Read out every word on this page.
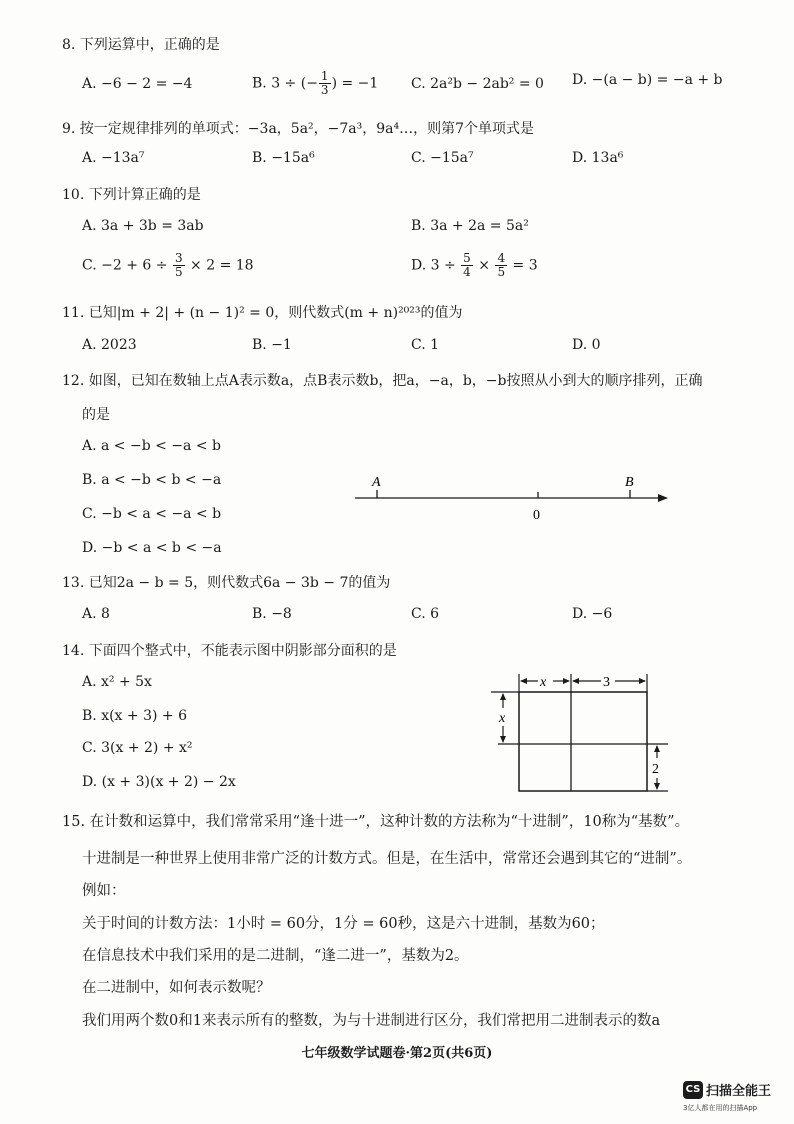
8. 下列运算中，正确的是
A. −6 − 2 = −4	B. 3 ÷ (− $\frac{1}{3}$ ) = −1 C. 2a²b − 2ab² = 0 D. −(a − b) = −a + b
9. 按一定规律排列的单项式：−3a，5a²，−7a³，9a⁴…，则第7个单项式是
A. −13a⁷	B. −15a⁶	C. −15a⁷	D. 13a⁶
10. 下列计算正确的是
A. 3a + 3b = 3ab	B. 3a + 2a = 5a²
C. $-2 + 6 \div \frac{3}{5} \times 2 = 18$	D. $3 \div \frac{5}{4} \times \frac{4}{5} = 3$
11. 已知|m + 2| + (n − 1)² = 0，则代数式(m + n)²⁰²³的值为
A. 2023	B. −1	C. 1	D. 0
12. 如图，已知在数轴上点A表示数a，点B表示数b，把a，−a，b，−b按照从小到大的顺序排列，正确
的是
A. a < −b < −a < b
B. a < −b < b < −a
C. −b < a < −a < b
D. −b < a < b < −a
A	B
0
13. 已知2a − b = 5，则代数式6a − 3b − 7的值为
A. 8	B. −8	C. 6	D. −6
14. 下面四个整式中，不能表示图中阴影部分面积的是
A. x² + 5x
B. x(x + 3) + 6
C. 3(x + 2) + x²
D. (x + 3)(x + 2) − 2x
x	3
x
2
15. 在计数和运算中，我们常常采用“逢十进一”，这种计数的方法称为“十进制”，10称为“基数”。
十进制是一种世界上使用非常广泛的计数方式。但是，在生活中，常常还会遇到其它的“进制”。
例如：
关于时间的计数方法：1小时 = 60分，1分 = 60秒，这是六十进制，基数为60；
在信息技术中我们采用的是二进制，“逢二进一”，基数为2。
在二进制中，如何表示数呢？
我们用两个数0和1来表示所有的整数，为与十进制进行区分，我们常把用二进制表示的数a
七年级数学试题卷·第2页(共6页)
CS 扫描全能王
3亿人都在用的扫描App
